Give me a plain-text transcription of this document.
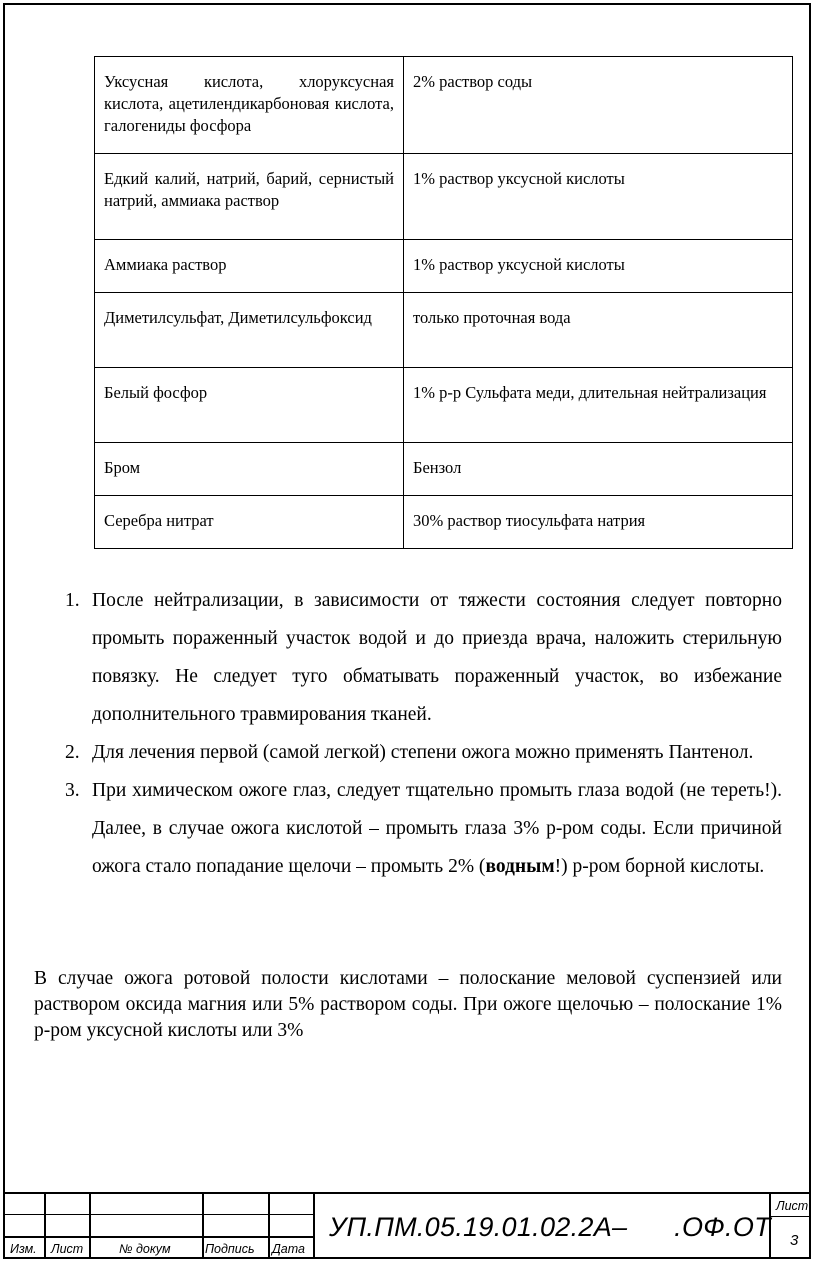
Уксусная кислота, хлоруксусная кислота, ацетилендикарбоновая кислота, галогениды фосфора	2% раствор соды
Едкий калий, натрий, барий, сернистый натрий, аммиака раствор	1% раствор уксусной кислоты
Аммиака раствор	1% раствор уксусной кислоты
Диметилсульфат, Диметилсульфоксид	только проточная вода
Белый фосфор	1% р-р Сульфата меди, длительная нейтрализация
Бром	Бензол
Серебра нитрат	30% раствор тиосульфата натрия
1. После нейтрализации, в зависимости от тяжести состояния следует повторно промыть пораженный участок водой и до приезда врача, наложить стерильную повязку. Не следует туго обматывать пораженный участок, во избежание дополнительного травмирования тканей.
2. Для лечения первой (самой легкой) степени ожога можно применять Пантенол.
3. При химическом ожоге глаз, следует тщательно промыть глаза водой (не тереть!). Далее, в случае ожога кислотой – промыть глаза 3% р-ром соды. Если причиной ожога стало попадание щелочи – промыть 2% (водным!) р-ром борной кислоты.

В случае ожога ротовой полости кислотами – полоскание меловой суспензией или раствором оксида магния или 5% раствором соды. При ожоге щелочью – полоскание 1% р-ром уксусной кислоты или 3%

Изм. Лист	№ докум	Подпись Дата
УП.ПМ.05.19.01.02.2А–      .ОФ.ОТ
Лист
3
